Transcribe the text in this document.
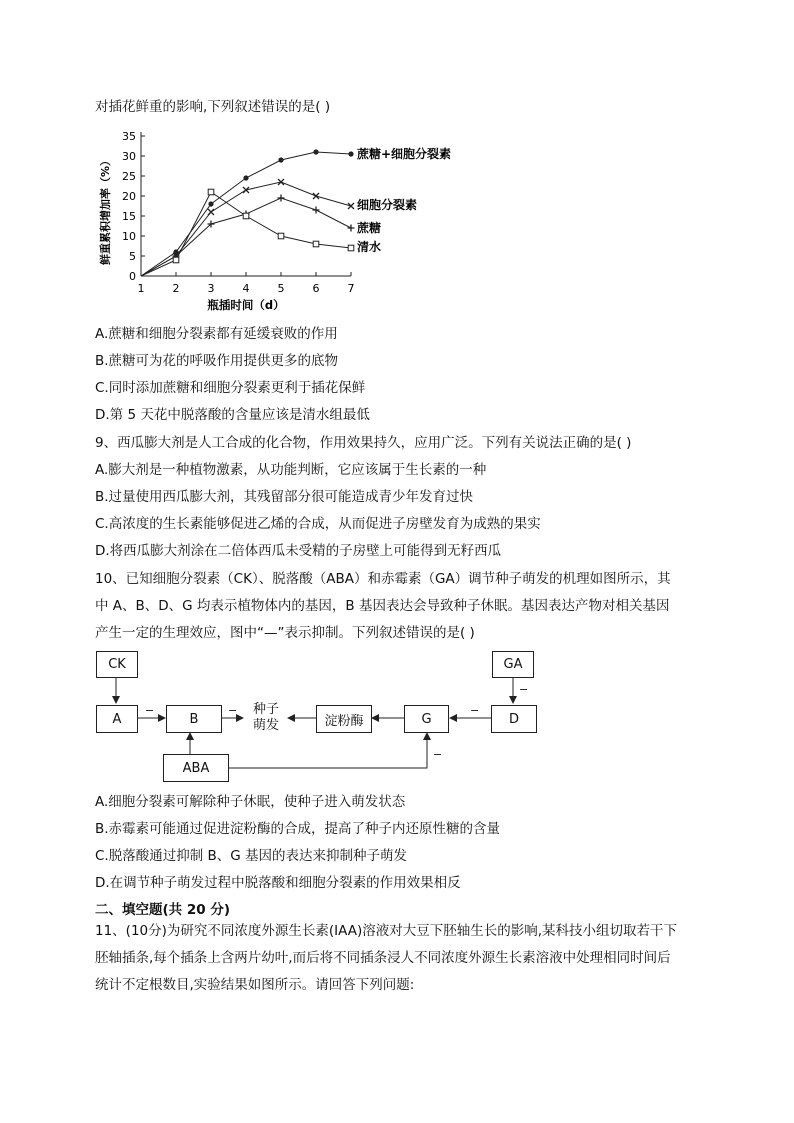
对插花鲜重的影响,下列叙述错误的是( )
0
5
10
15
20
25
30
35
1	2	3	4	5	6	7
瓶插时间（d）
鲜重累积增加率（%）
蔗糖+细胞分裂素
细胞分裂素
蔗糖
清水
A.蔗糖和细胞分裂素都有延缓衰败的作用
B.蔗糖可为花的呼吸作用提供更多的底物
C.同时添加蔗糖和细胞分裂素更利于插花保鲜
D.第 5 天花中脱落酸的含量应该是清水组最低
9、西瓜膨大剂是人工合成的化合物，作用效果持久，应用广泛。下列有关说法正确的是( )
A.膨大剂是一种植物激素，从功能判断，它应该属于生长素的一种
B.过量使用西瓜膨大剂，其残留部分很可能造成青少年发育过快
C.高浓度的生长素能够促进乙烯的合成，从而促进子房壁发育为成熟的果实
D.将西瓜膨大剂涂在二倍体西瓜未受精的子房壁上可能得到无籽西瓜
10、已知细胞分裂素（CK）、脱落酸（ABA）和赤霉素（GA）调节种子萌发的机理如图所示，其
中 A、B、D、G 均表示植物体内的基因，B 基因表达会导致种子休眠。基因表达产物对相关基因
产生一定的生理效应，图中“—”表示抑制。下列叙述错误的是( )
CK
A	B
种子
萌发	淀粉酶	G	D
GA
ABA
−	−	−
−
−
A.细胞分裂素可解除种子休眠，使种子进入萌发状态
B.赤霉素可能通过促进淀粉酶的合成，提高了种子内还原性糖的含量
C.脱落酸通过抑制 B、G 基因的表达来抑制种子萌发
D.在调节种子萌发过程中脱落酸和细胞分裂素的作用效果相反
二、填空题(共 20 分)
11、(10分)为研究不同浓度外源生长素(IAA)溶液对大豆下胚轴生长的影响,某科技小组切取若干下
胚轴插条,每个插条上含两片幼叶,而后将不同插条浸人不同浓度外源生长素溶液中处理相同时间后
统计不定根数目,实验结果如图所示。请回答下列问题:
